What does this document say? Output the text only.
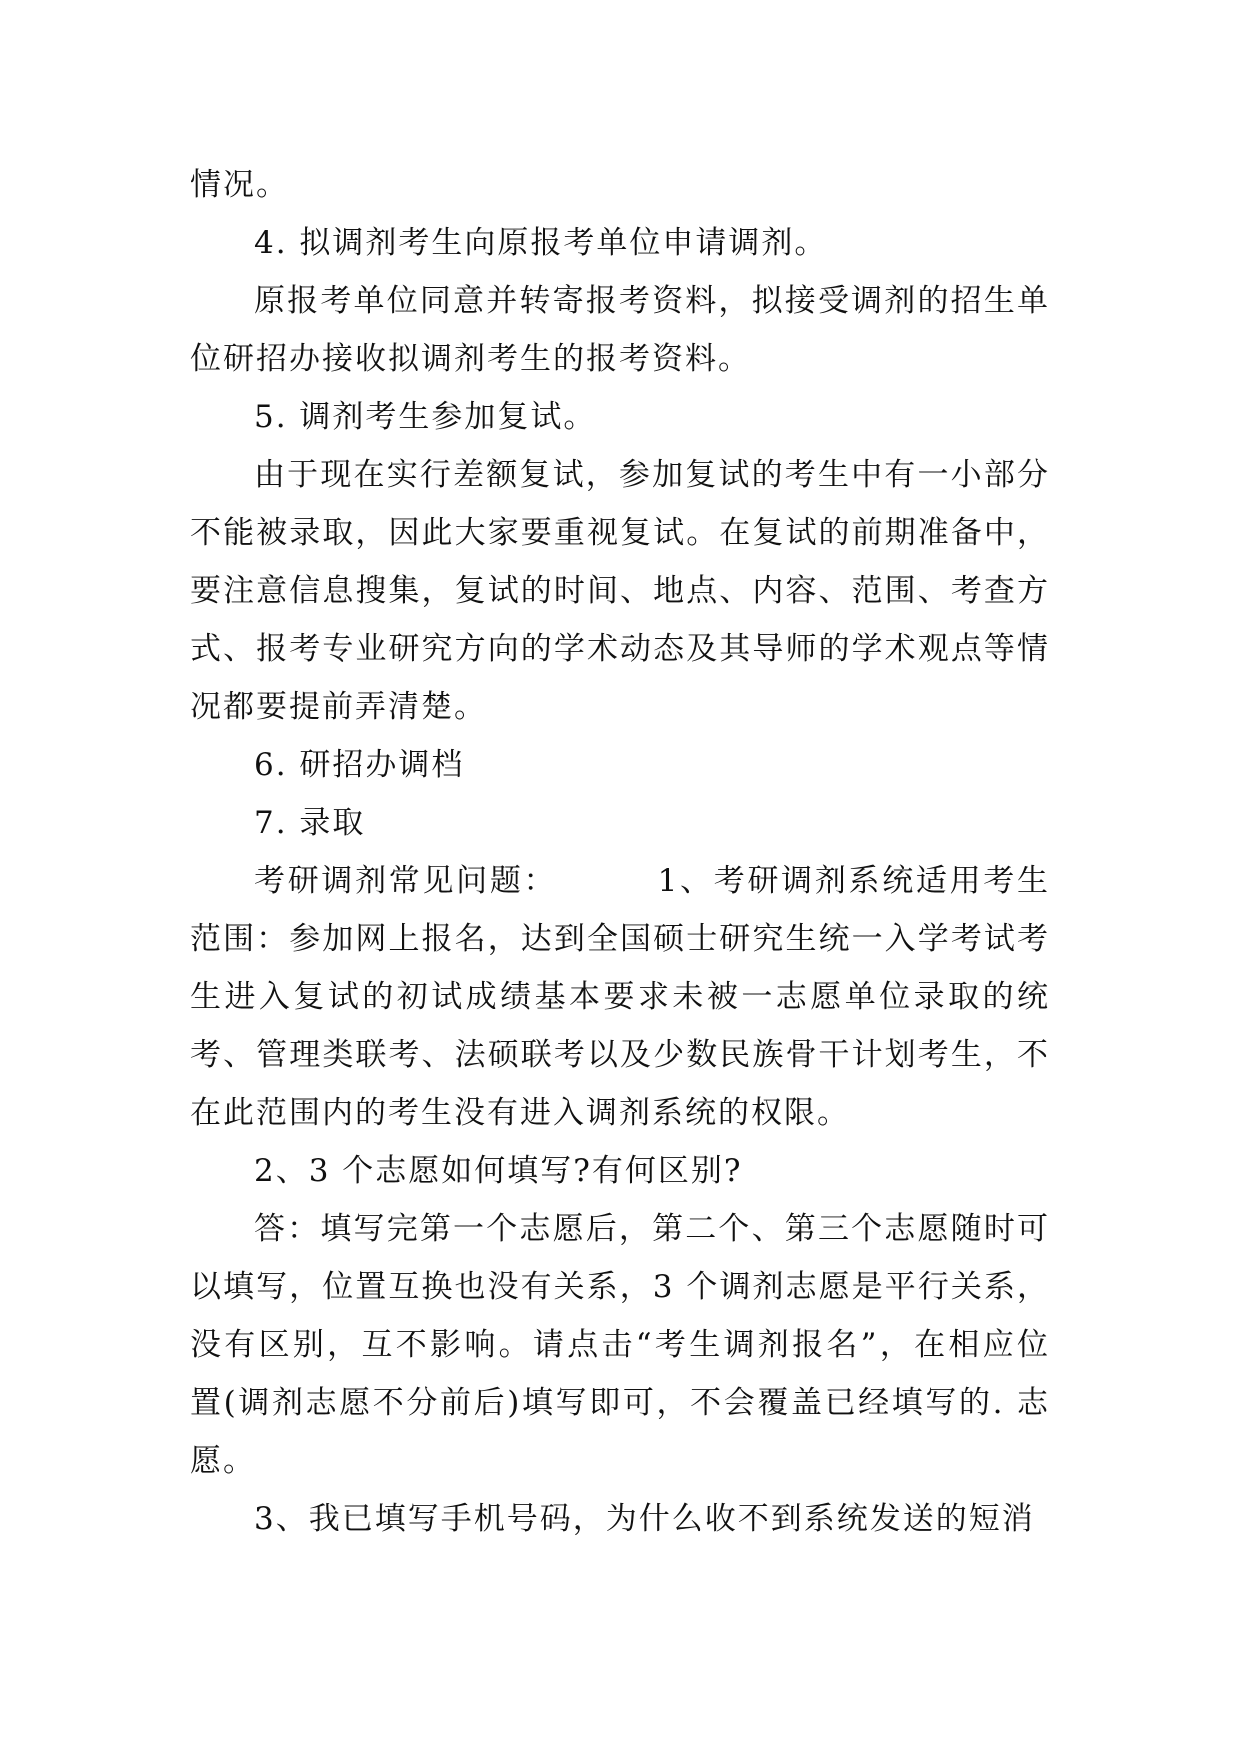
情况。

4. 拟调剂考生向原报考单位申请调剂。

原报考单位同意并转寄报考资料，拟接受调剂的招生单位研招办接收拟调剂考生的报考资料。

5. 调剂考生参加复试。

由于现在实行差额复试，参加复试的考生中有一小部分不能被录取，因此大家要重视复试。在复试的前期准备中，要注意信息搜集，复试的时间、地点、内容、范围、考查方式、报考专业研究方向的学术动态及其导师的学术观点等情况都要提前弄清楚。

6. 研招办调档

7. 录取

考研调剂常见问题：        1、考研调剂系统适用考生范围：参加网上报名，达到全国硕士研究生统一入学考试考生进入复试的初试成绩基本要求未被一志愿单位录取的统考、管理类联考、法硕联考以及少数民族骨干计划考生，不在此范围内的考生没有进入调剂系统的权限。

2、3 个志愿如何填写?有何区别?

答：填写完第一个志愿后，第二个、第三个志愿随时可以填写，位置互换也没有关系，3 个调剂志愿是平行关系，没有区别，互不影响。请点击“考生调剂报名”，在相应位置(调剂志愿不分前后)填写即可，不会覆盖已经填写的. 志愿。

3、我已填写手机号码，为什么收不到系统发送的短消
